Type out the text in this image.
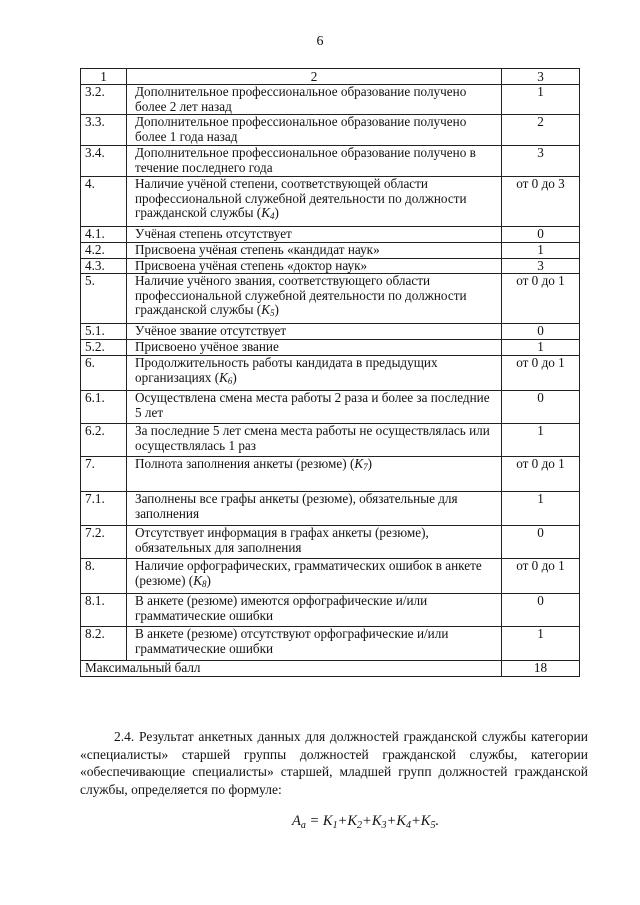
6
1	2	3
3.2.	Дополнительное профессиональное образование получено более 2 лет назад	1
3.3.	Дополнительное профессиональное образование получено более 1 года назад	2
3.4.	Дополнительное профессиональное образование получено в течение последнего года	3
4.	Наличие учёной степени, соответствующей области профессиональной служебной деятельности по должности гражданской службы $(К_4)$	от 0 до 3
4.1.	Учёная степень отсутствует	0
4.2.	Присвоена учёная степень «кандидат наук»	1
4.3.	Присвоена учёная степень «доктор наук»	3
5.	Наличие учёного звания, соответствующего области профессиональной служебной деятельности по должности гражданской службы $(К_5)$	от 0 до 1
5.1.	Учёное звание отсутствует	0
5.2.	Присвоено учёное звание	1
6.	Продолжительность работы кандидата в предыдущих организациях $(К_6)$	от 0 до 1
6.1.	Осуществлена смена места работы 2 раза и более за последние 5 лет	0
6.2.	За последние 5 лет смена места работы не осуществлялась или осуществлялась 1 раз	1
7.	Полнота заполнения анкеты (резюме) $(К_7)$	от 0 до 1
7.1.	Заполнены все графы анкеты (резюме), обязательные для заполнения	1
7.2.	Отсутствует информация в графах анкеты (резюме), обязательных для заполнения	0
8.	Наличие орфографических, грамматических ошибок в анкете (резюме) $(К_8)$	от 0 до 1
8.1.	В анкете (резюме) имеются орфографические и/или грамматические ошибки	0
8.2.	В анкете (резюме) отсутствуют орфографические и/или грамматические ошибки	1
Максимальный балл		18

2.4. Результат анкетных данных для должностей гражданской службы категории «специалисты» старшей группы должностей гражданской службы, категории «обеспечивающие специалисты» старшей, младшей групп должностей гражданской службы, определяется по формуле:

$A_a = K_1+K_2+K_3+K_4+K_5$.
